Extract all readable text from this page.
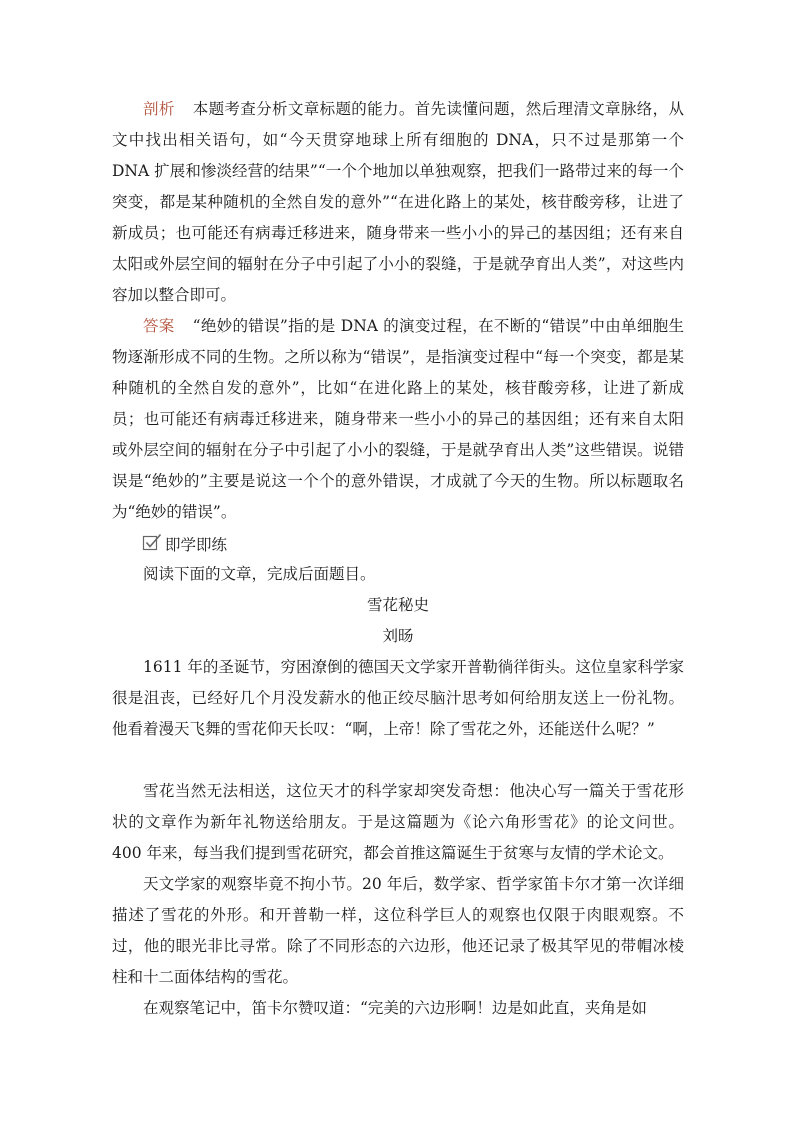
剖析 本题考查分析文章标题的能力。首先读懂问题，然后理清文章脉络，从文中找出相关语句，如“今天贯穿地球上所有细胞的 DNA，只不过是那第一个 DNA 扩展和惨淡经营的结果”“一个个地加以单独观察，把我们一路带过来的每一个突变，都是某种随机的全然自发的意外”“在进化路上的某处，核苷酸旁移，让进了新成员；也可能还有病毒迁移进来，随身带来一些小小的异己的基因组；还有来自太阳或外层空间的辐射在分子中引起了小小的裂缝，于是就孕育出人类”，对这些内容加以整合即可。

答案 “绝妙的错误”指的是 DNA 的演变过程，在不断的“错误”中由单细胞生物逐渐形成不同的生物。之所以称为“错误”，是指演变过程中“每一个突变，都是某种随机的全然自发的意外”，比如“在进化路上的某处，核苷酸旁移，让进了新成员；也可能还有病毒迁移进来，随身带来一些小小的异己的基因组；还有来自太阳或外层空间的辐射在分子中引起了小小的裂缝，于是就孕育出人类”这些错误。说错误是“绝妙的”主要是说这一个个的意外错误，才成就了今天的生物。所以标题取名为“绝妙的错误”。

即学即练

阅读下面的文章，完成后面题目。

雪花秘史

刘旸

1611 年的圣诞节，穷困潦倒的德国天文学家开普勒徜徉街头。这位皇家科学家很是沮丧，已经好几个月没发薪水的他正绞尽脑汁思考如何给朋友送上一份礼物。他看着漫天飞舞的雪花仰天长叹：“啊，上帝！除了雪花之外，还能送什么呢？”

雪花当然无法相送，这位天才的科学家却突发奇想：他决心写一篇关于雪花形状的文章作为新年礼物送给朋友。于是这篇题为《论六角形雪花》的论文问世。400 年来，每当我们提到雪花研究，都会首推这篇诞生于贫寒与友情的学术论文。

天文学家的观察毕竟不拘小节。20 年后，数学家、哲学家笛卡尔才第一次详细描述了雪花的外形。和开普勒一样，这位科学巨人的观察也仅限于肉眼观察。不过，他的眼光非比寻常。除了不同形态的六边形，他还记录了极其罕见的带帽冰棱柱和十二面体结构的雪花。

在观察笔记中，笛卡尔赞叹道：“完美的六边形啊！边是如此直，夹角是如
